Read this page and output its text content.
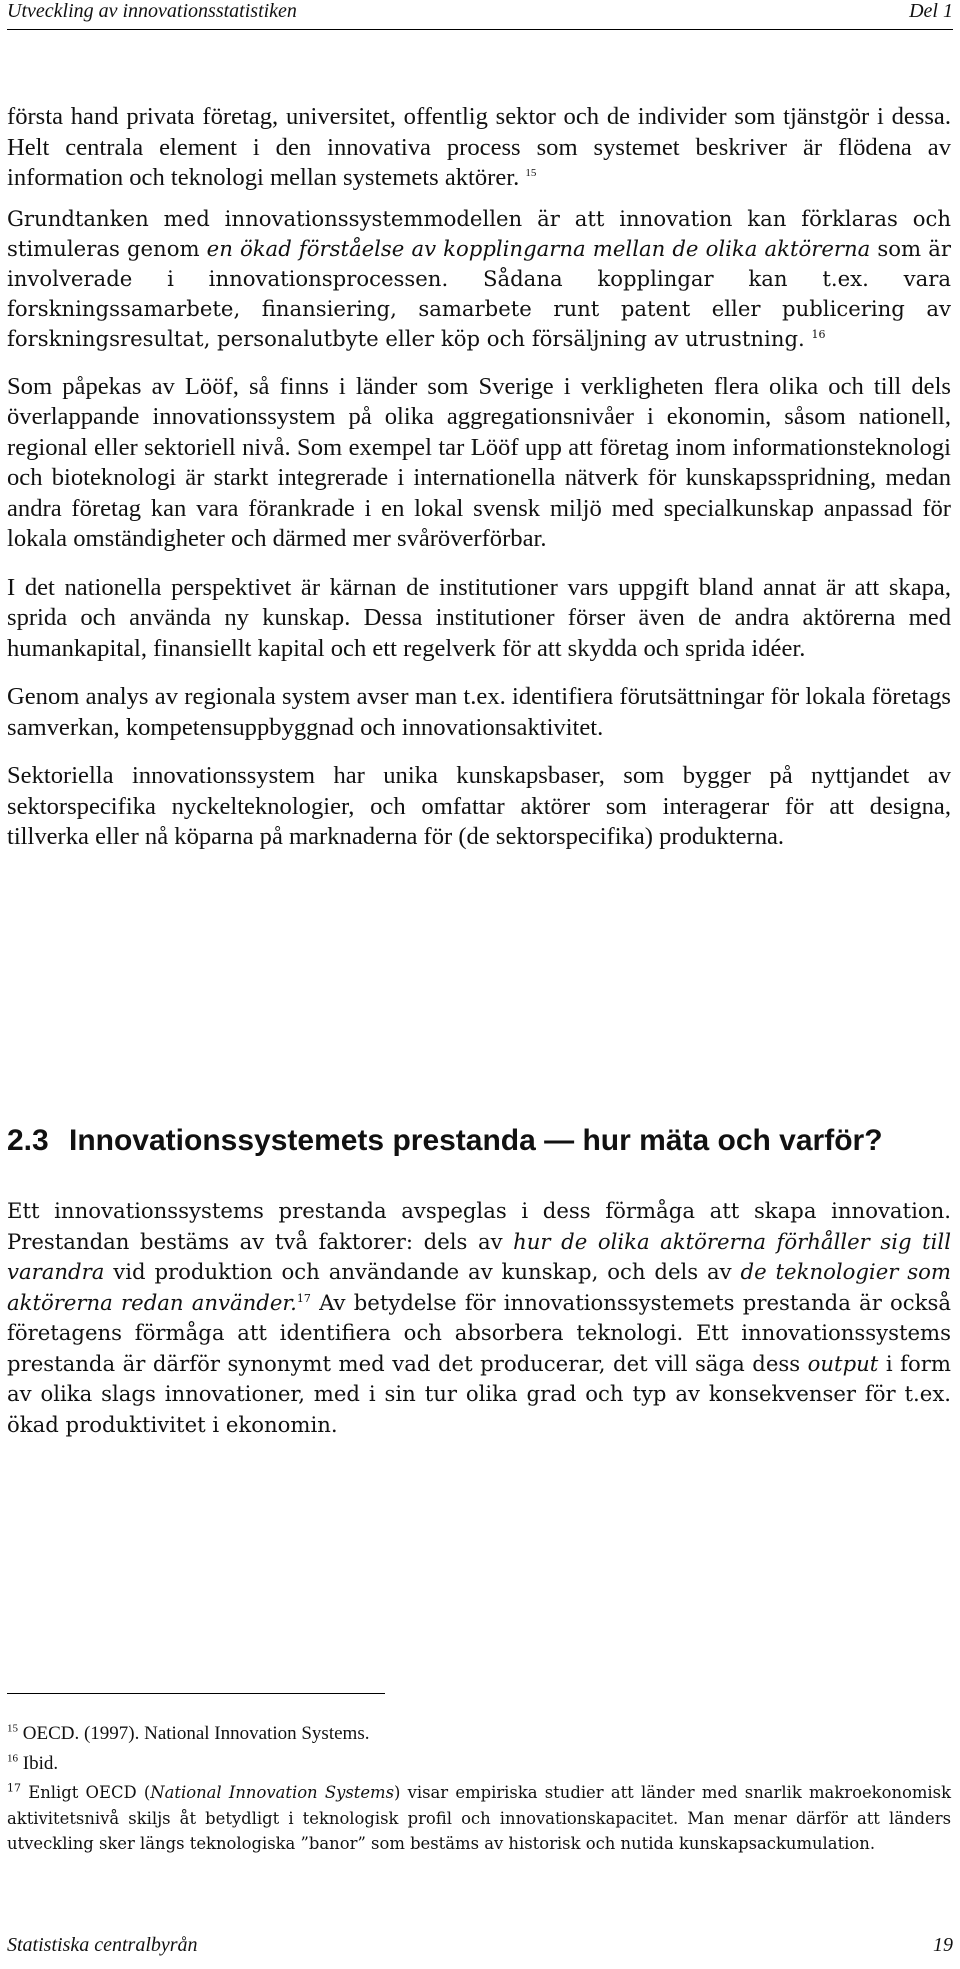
Utveckling av innovationsstatistiken	Del 1

första hand privata företag, universitet, offentlig sektor och de individer som tjänstgör i dessa. Helt centrala element i den innovativa process som systemet beskriver är flödena av information och teknologi mellan systemets aktörer. $^{15}$

Grundtanken med innovationssystemmodellen är att innovation kan förklaras och stimuleras genom en ökad förståelse av kopplingarna mellan de olika aktörerna som är involverade i innovationsprocessen. Sådana kopplingar kan t.ex. vara forskningssamarbete, finansiering, samarbete runt patent eller publicering av forskningsresultat, personalutbyte eller köp och försäljning av utrustning. $^{16}$

Som påpekas av Lööf, så finns i länder som Sverige i verkligheten flera olika och till dels överlappande innovationssystem på olika aggregationsnivåer i ekonomin, såsom nationell, regional eller sektoriell nivå. Som exempel tar Lööf upp att företag inom informationsteknologi och bioteknologi är starkt integrerade i internationella nätverk för kunskapsspridning, medan andra företag kan vara förankrade i en lokal svensk miljö med specialkunskap anpassad för lokala omständigheter och därmed mer svåröverförbar.

I det nationella perspektivet är kärnan de institutioner vars uppgift bland annat är att skapa, sprida och använda ny kunskap. Dessa institutioner förser även de andra aktörerna med humankapital, finansiellt kapital och ett regelverk för att skydda och sprida idéer.

Genom analys av regionala system avser man t.ex. identifiera förutsättningar för lokala företags samverkan, kompetensuppbyggnad och innovationsaktivitet.

Sektoriella innovationssystem har unika kunskapsbaser, som bygger på nyttjandet av sektorspecifika nyckelteknologier, och omfattar aktörer som interagerar för att designa, tillverka eller nå köparna på marknaderna för (de sektorspecifika) produkterna.

2.3 Innovationssystemets prestanda — hur mäta och varför?

Ett innovationssystems prestanda avspeglas i dess förmåga att skapa innovation. Prestandan bestäms av två faktorer: dels av hur de olika aktörerna förhåller sig till varandra vid produktion och användande av kunskap, och dels av de teknologier som aktörerna redan använder.$^{17}$ Av betydelse för innovationssystemets prestanda är också företagens förmåga att identifiera och absorbera teknologi. Ett innovationssystems prestanda är därför synonymt med vad det producerar, det vill säga dess output i form av olika slags innovationer, med i sin tur olika grad och typ av konsekvenser för t.ex. ökad produktivitet i ekonomin.

$^{15}$ OECD. (1997). National Innovation Systems.
$^{16}$ Ibid.
$^{17}$ Enligt OECD (National Innovation Systems) visar empiriska studier att länder med snarlik makroekonomisk aktivitetsnivå skiljs åt betydligt i teknologisk profil och innovationskapacitet. Man menar därför att länders utveckling sker längs teknologiska ”banor” som bestäms av historisk och nutida kunskapsackumulation.
Statistiska centralbyrån	19
